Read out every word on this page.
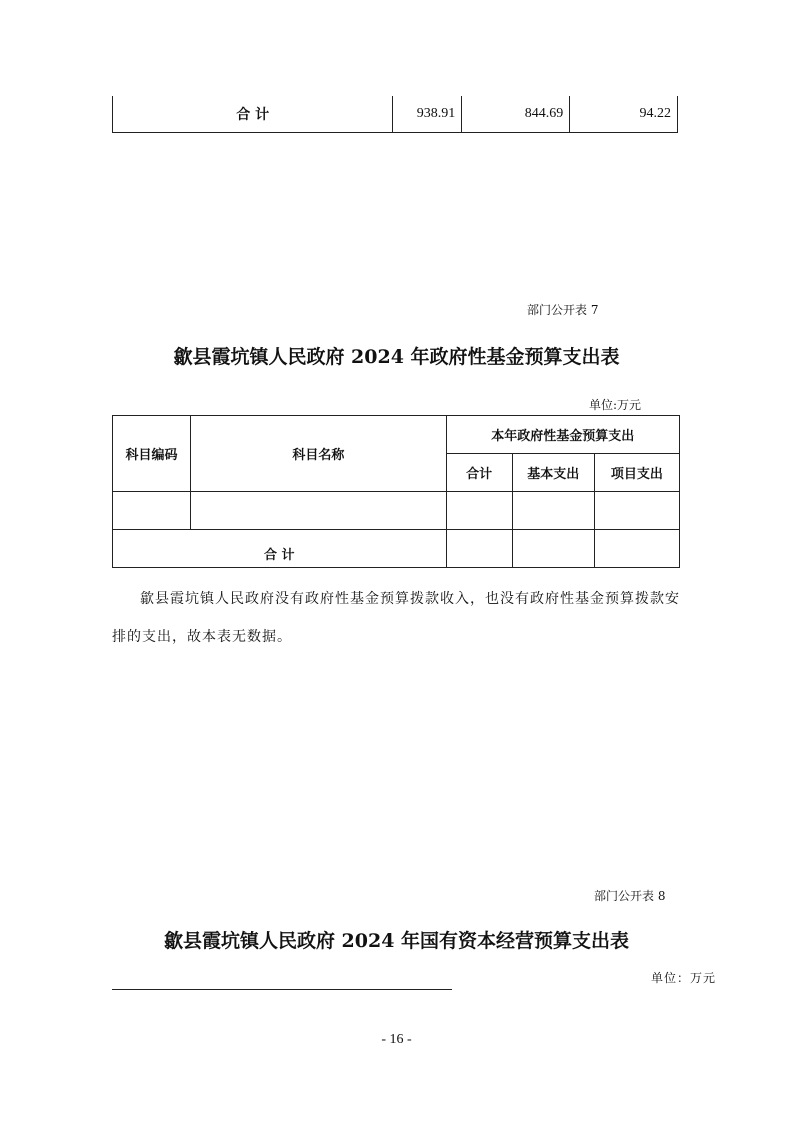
合 计	938.91	844.69	94.22
部门公开表 7
歙县霞坑镇人民政府 2024 年政府性基金预算支出表
单位:万元
科目编码	科目名称	本年政府性基金预算支出		
		合计	基本支出	项目支出

合 计				

歙县霞坑镇人民政府没有政府性基金预算拨款收入，也没有政府性基金预算拨款安排的支出，故本表无数据。

部门公开表 8
歙县霞坑镇人民政府 2024 年国有资本经营预算支出表
单位：万元
- 16 -
